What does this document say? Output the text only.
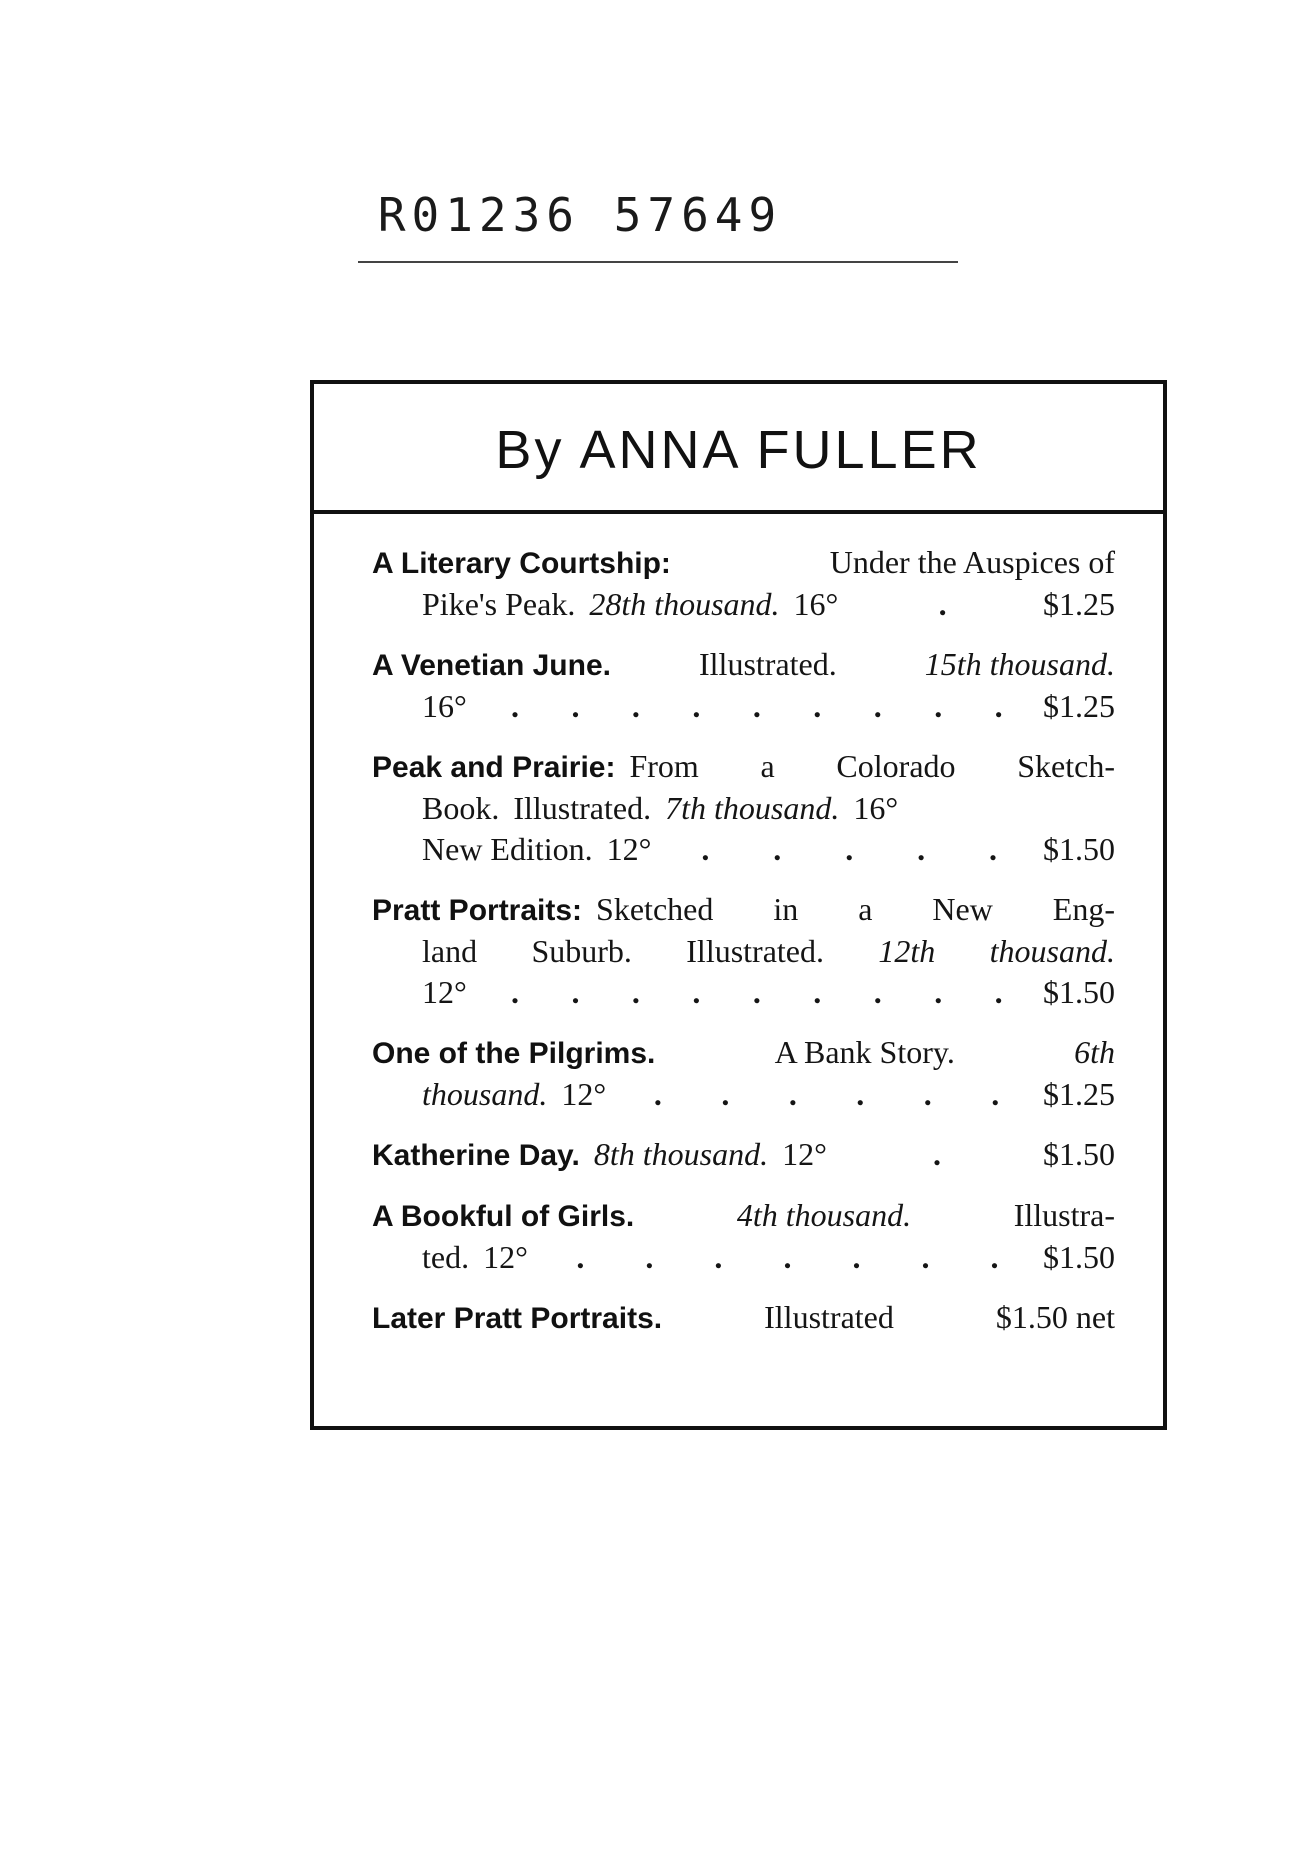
R01236 57649
By ANNA FULLER
A Literary Courtship:	Under the Auspices of
Pike's Peak. 28th thousand. 16°	.	$1.25
A Venetian June.	Illustrated.	15th thousand.
16° . . . . . . . . . $1.25
Peak and Prairie: From a Colorado Sketch-
Book. Illustrated. 7th thousand. 16°
New Edition. 12° . . . . . $1.50
Pratt Portraits: Sketched in a New Eng-
land Suburb. Illustrated. 12th thousand.
12° . . . . . . . . . $1.50
One of the Pilgrims.	A Bank Story.	6th
thousand. 12° . . . . . . $1.25
Katherine Day. 8th thousand. 12°	.	$1.50
A Bookful of Girls.	4th thousand.	Illustra-
ted. 12° . . . . . . . $1.50
Later Pratt Portraits.	Illustrated	$1.50 net
